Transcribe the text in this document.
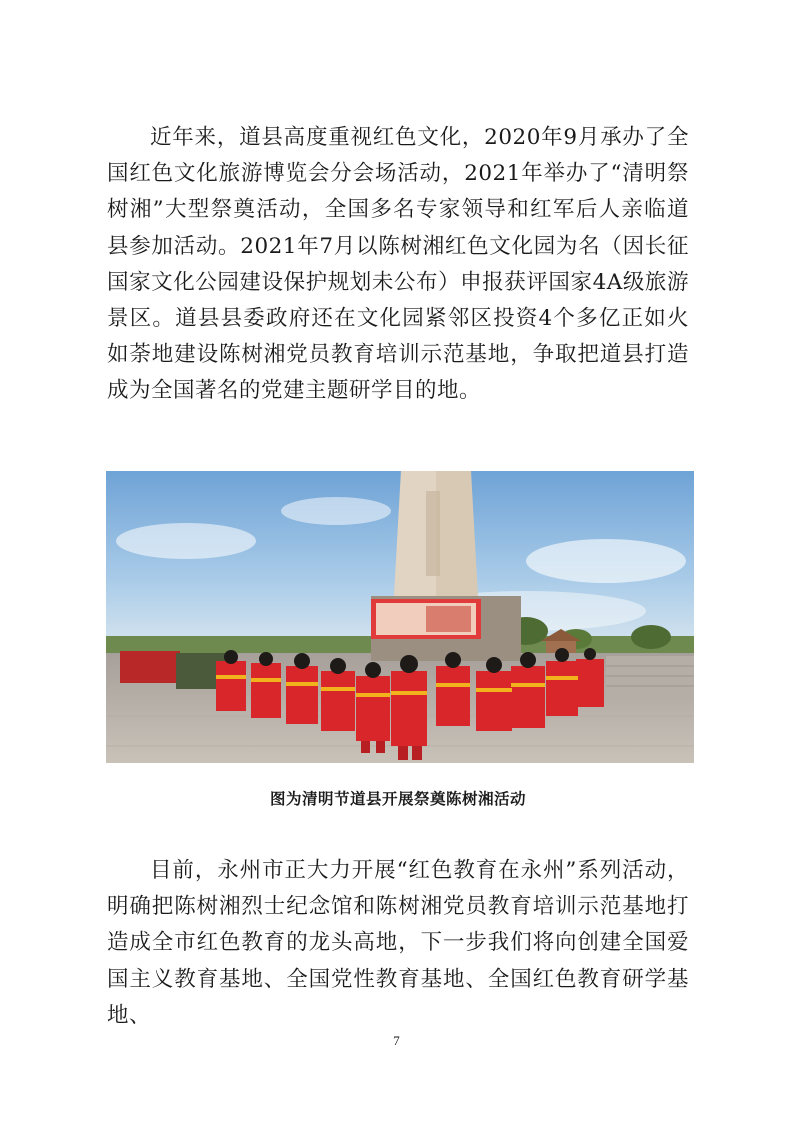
近年来，道县高度重视红色文化，2020年9月承办了全国红色文化旅游博览会分会场活动，2021年举办了“清明祭树湘”大型祭奠活动，全国多名专家领导和红军后人亲临道县参加活动。2021年7月以陈树湘红色文化园为名（因长征国家文化公园建设保护规划未公布）申报获评国家4A级旅游景区。道县县委政府还在文化园紧邻区投资4个多亿正如火如荼地建设陈树湘党员教育培训示范基地，争取把道县打造成为全国著名的党建主题研学目的地。

图为清明节道县开展祭奠陈树湘活动

目前，永州市正大力开展“红色教育在永州”系列活动，明确把陈树湘烈士纪念馆和陈树湘党员教育培训示范基地打造成全市红色教育的龙头高地，下一步我们将向创建全国爱国主义教育基地、全国党性教育基地、全国红色教育研学基地、

7
